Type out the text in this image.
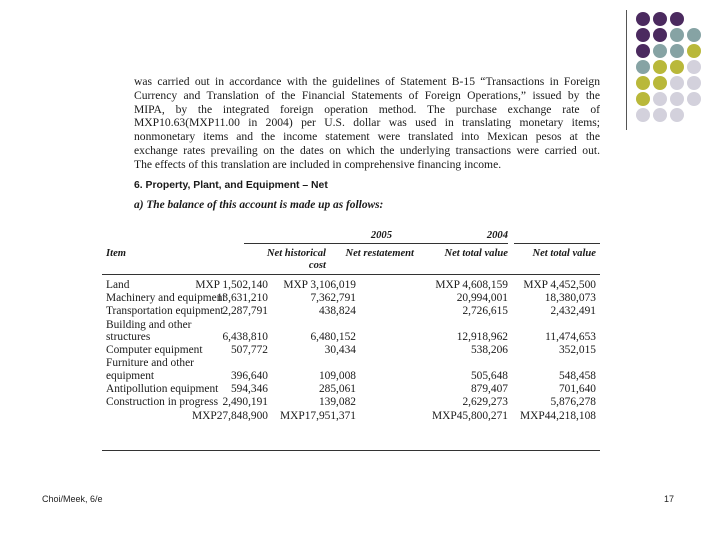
was carried out in accordance with the guidelines of Statement B-15 “Transactions in Foreign
Currency and Translation of the Financial Statements of Foreign Operations,” issued by the
MIPA, by the integrated foreign operation method. The purchase exchange rate of
MXP10.63(MXP11.00 in 2004) per U.S. dollar was used in translating monetary items;
nonmonetary items and the income statement were translated into Mexican pesos at the
exchange rates prevailing on the dates on which the underlying transactions were carried out.
The effects of this translation are included in comprehensive financing income.
6. Property, Plant, and Equipment – Net
a) The balance of this account is made up as follows:
2005	2004
Item	Net historical
cost
Net restatement	Net total value Net total value
Land	MXP 1,502,140 MXP 3,106,019	MXP 4,608,159 MXP 4,452,500
Machinery and equipment
13,631,210	7,362,791	20,994,001	18,380,073
Transportation equipment
2,287,791	438,824	2,726,615	2,432,491
Building and other
structures	6,438,810	6,480,152	12,918,962	11,474,653
Computer equipment 507,772	30,434	538,206	352,015
Furniture and other
equipment	396,640	109,008	505,648	548,458
Antipollution equipment 594,346	285,061	879,407	701,640
Construction in progress 2,490,191	139,082	2,629,273	5,876,278
MXP27,848,900 MXP17,951,371	MXP45,800,271 MXP44,218,108
Choi/Meek, 6/e	17
